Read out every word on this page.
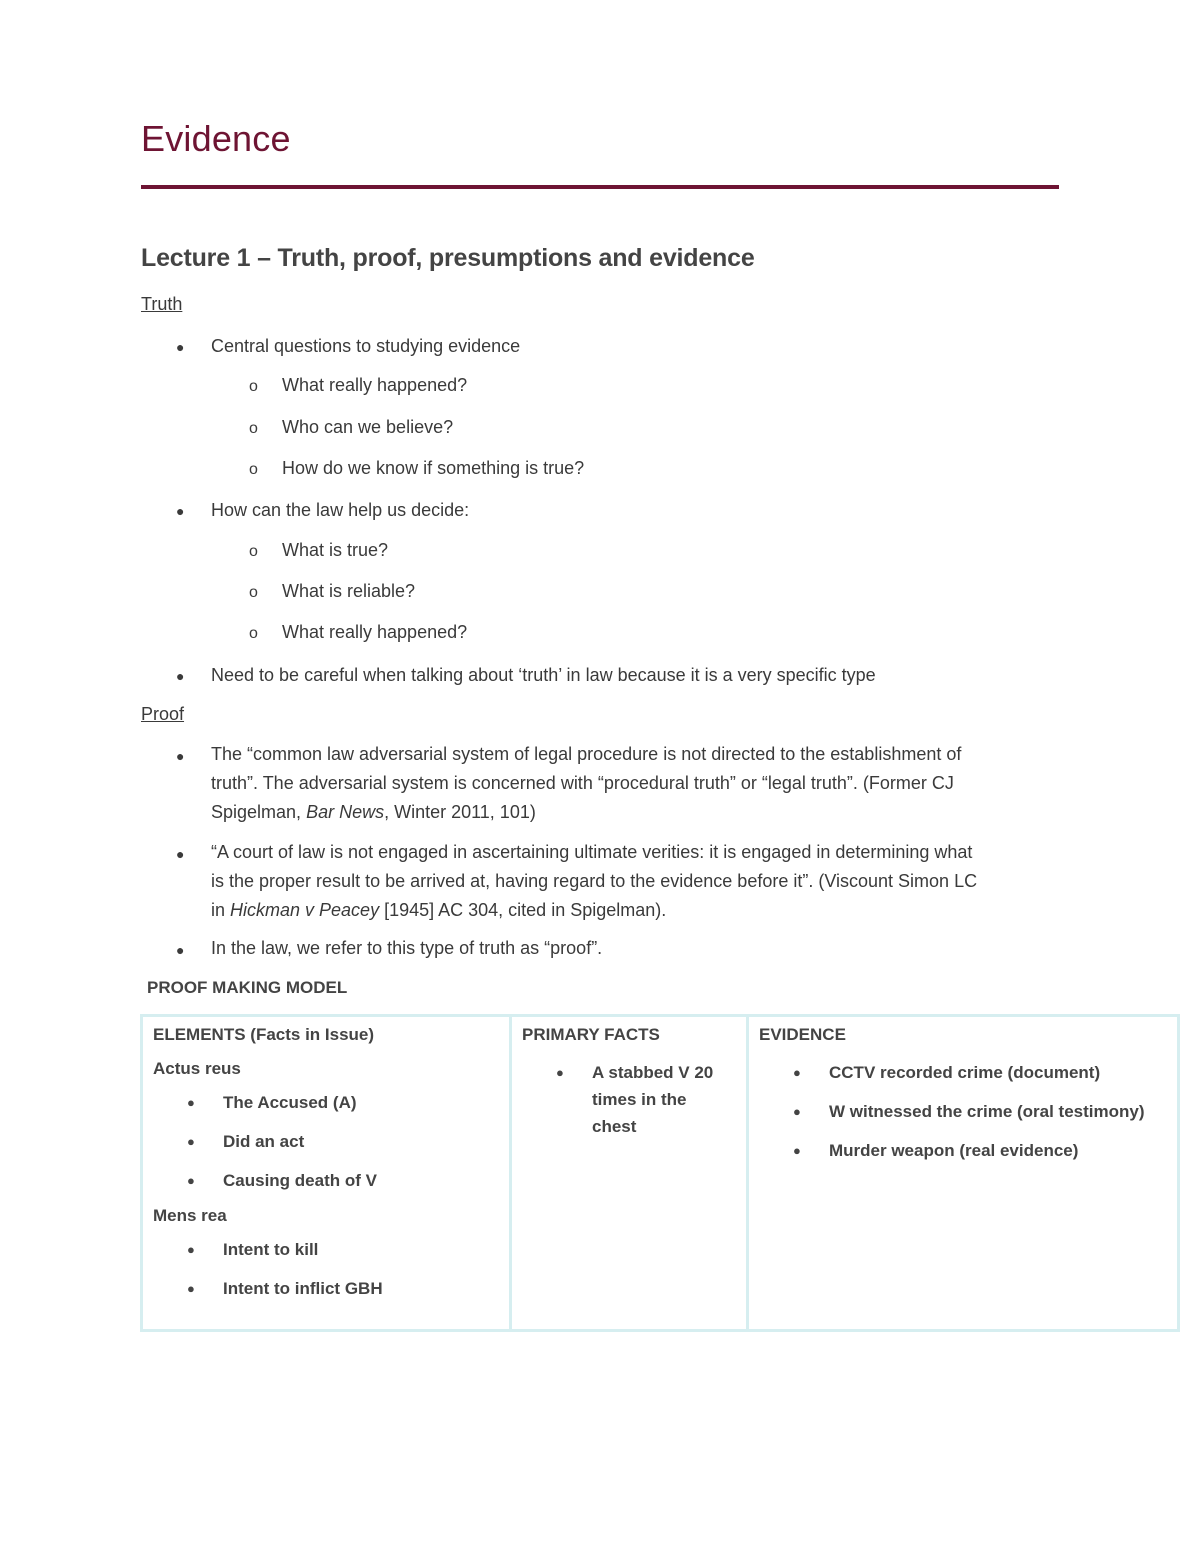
Evidence
Lecture 1 – Truth, proof, presumptions and evidence
Truth
● Central questions to studying evidence
o What really happened?
o Who can we believe?
o How do we know if something is true?
● How can the law help us decide:
o What is true?
o What is reliable?
o What really happened?
● Need to be careful when talking about ‘truth’ in law because it is a very specific type
Proof
● The “common law adversarial system of legal procedure is not directed to the establishment of
truth”. The adversarial system is concerned with “procedural truth” or “legal truth”. (Former CJ
Spigelman, Bar News, Winter 2011, 101)
● “A court of law is not engaged in ascertaining ultimate verities: it is engaged in determining what
is the proper result to be arrived at, having regard to the evidence before it”. (Viscount Simon LC
in Hickman v Peacey [1945] AC 304, cited in Spigelman).
● In the law, we refer to this type of truth as “proof”.
PROOF MAKING MODEL
ELEMENTS (Facts in Issue)
Actus reus
● The Accused (A)
● Did an act
● Causing death of V
Mens rea
● Intent to kill
● Intent to inflict GBH

PRIMARY FACTS
● A stabbed V 20 times in the chest

EVIDENCE
● CCTV recorded crime (document)
● W witnessed the crime (oral testimony)
● Murder weapon (real evidence)
